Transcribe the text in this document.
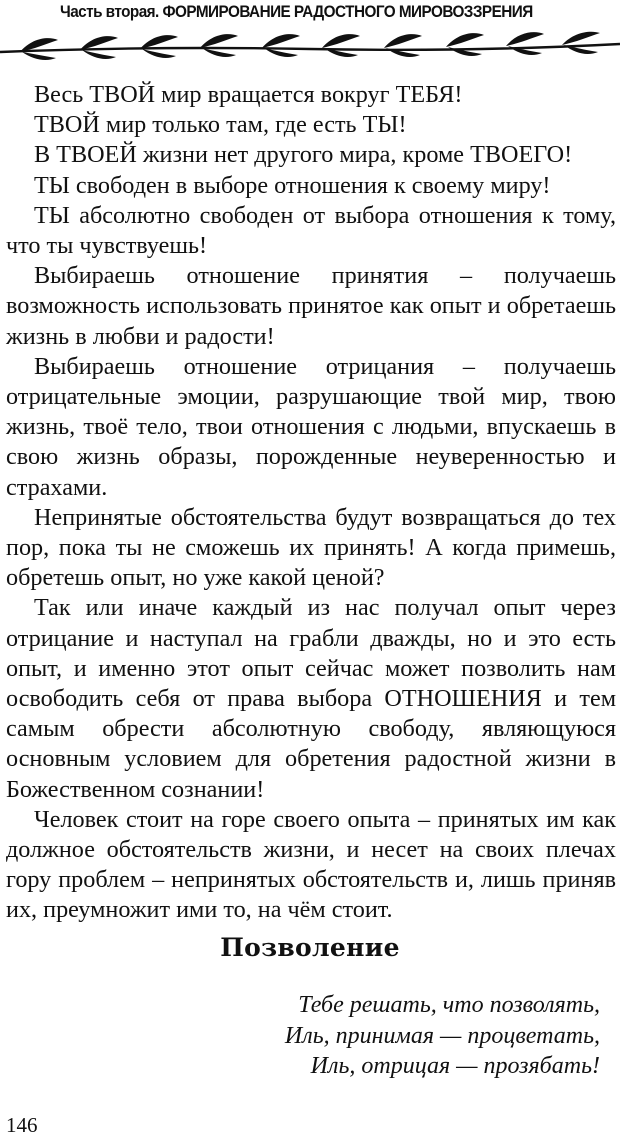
Часть вторая. ФОРМИРОВАНИЕ РАДОСТНОГО МИРОВОЗЗРЕНИЯ

Весь ТВОЙ мир вращается вокруг ТЕБЯ!

ТВОЙ мир только там, где есть ТЫ!

В ТВОЕЙ жизни нет другого мира, кроме ТВОЕГО!

ТЫ свободен в выборе отношения к своему миру!

ТЫ абсолютно свободен от выбора отношения к тому, что ты чувствуешь!

Выбираешь отношение принятия – получаешь возможность использовать принятое как опыт и обретаешь жизнь в любви и радости!

Выбираешь отношение отрицания – получаешь отрицательные эмоции, разрушающие твой мир, твою жизнь, твоё тело, твои отношения с людьми, впускаешь в свою жизнь образы, порожденные неуверенностью и страхами.

Непринятые обстоятельства будут возвращаться до тех пор, пока ты не сможешь их принять! А когда примешь, обретешь опыт, но уже какой ценой?

Так или иначе каждый из нас получал опыт через отрицание и наступал на грабли дважды, но и это есть опыт, и именно этот опыт сейчас может позволить нам освободить себя от права выбора ОТНОШЕНИЯ и тем самым обрести абсолютную свободу, являющуюся основным условием для обретения радостной жизни в Божественном сознании!

Человек стоит на горе своего опыта – принятых им как должное обстоятельств жизни, и несет на своих плечах гору проблем – непринятых обстоятельств и, лишь приняв их, преумножит ими то, на чём стоит.

Позволение
Тебе решать, что позволять,
Иль, принимая — процветать,
Иль, отрицая — прозябать!
146
